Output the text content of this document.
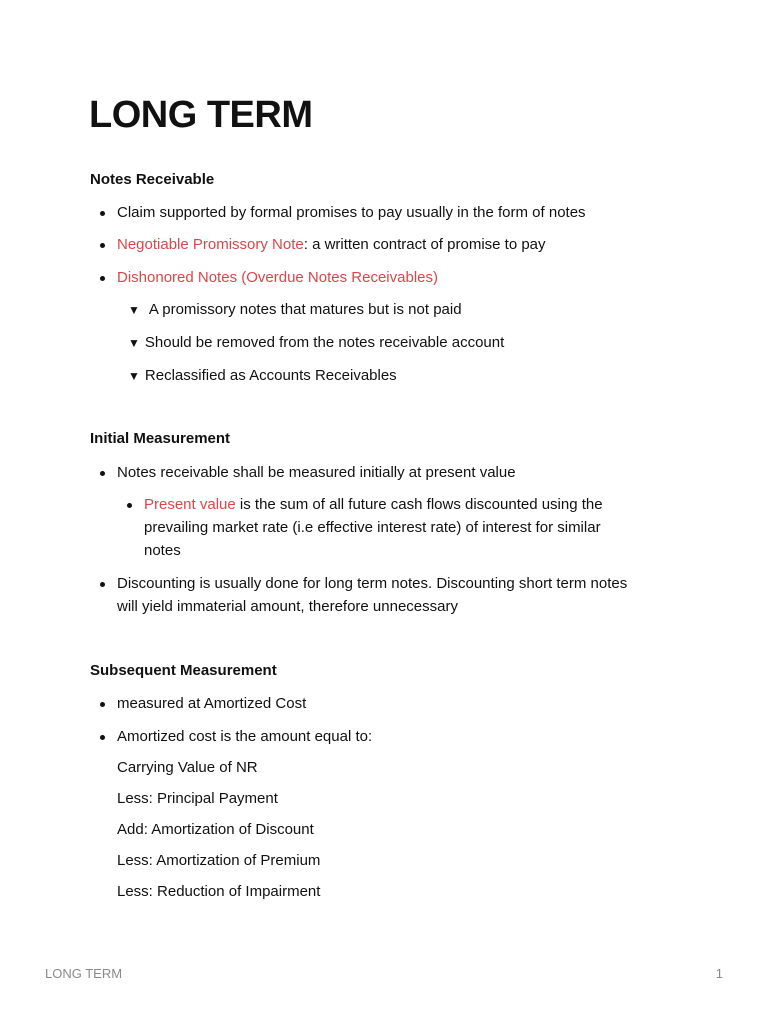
LONG TERM
Notes Receivable

Claim supported by formal promises to pay usually in the form of notes

Negotiable Promissory Note: a written contract of promise to pay

Dishonored Notes (Overdue Notes Receivables)

▼ A promissory notes that matures but is not paid

▼ Should be removed from the notes receivable account

▼ Reclassified as Accounts Receivables

Initial Measurement

Notes receivable shall be measured initially at present value

Present value is the sum of all future cash flows discounted using the

prevailing market rate (i.e effective interest rate) of interest for similar

notes

Discounting is usually done for long term notes. Discounting short term notes

will yield immaterial amount, therefore unnecessary

Subsequent Measurement

measured at Amortized Cost

Amortized cost is the amount equal to:

Carrying Value of NR

Less: Principal Payment

Add: Amortization of Discount

Less: Amortization of Premium

Less: Reduction of Impairment

LONG TERM	1
